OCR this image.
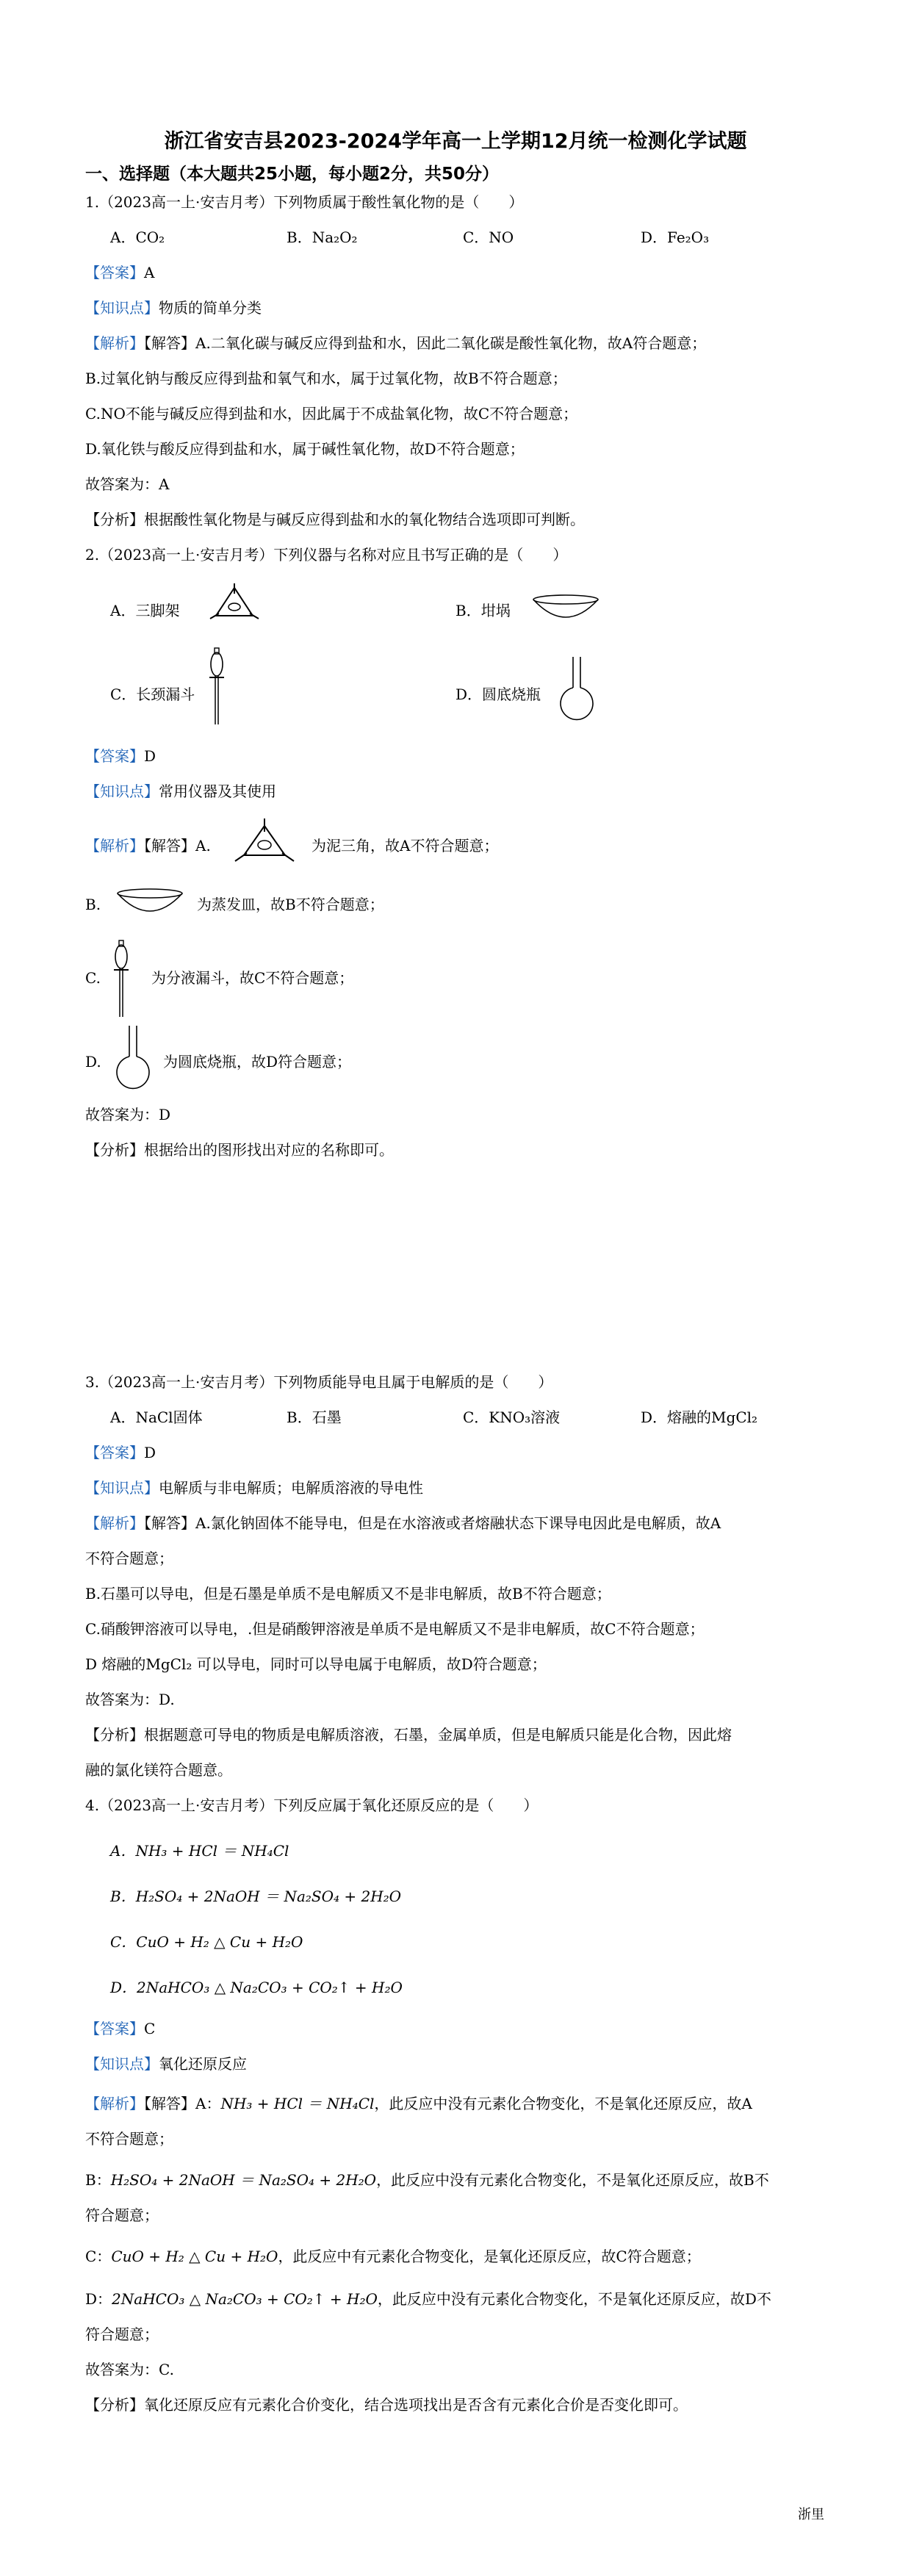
浙江省安吉县2023-2024学年高一上学期12月统一检测化学试题
一、选择题（本大题共25小题，每小题2分，共50分）
1.（2023高一上·安吉月考）下列物质属于酸性氧化物的是（　　）
A．CO₂	B．Na₂O₂	C．NO	D．Fe₂O₃
【答案】A
【知识点】物质的简单分类
【解析】【解答】A.二氧化碳与碱反应得到盐和水，因此二氧化碳是酸性氧化物，故A符合题意；
B.过氧化钠与酸反应得到盐和氧气和水，属于过氧化物，故B不符合题意；
C.NO不能与碱反应得到盐和水，因此属于不成盐氧化物，故C不符合题意；
D.氧化铁与酸反应得到盐和水，属于碱性氧化物，故D不符合题意；
故答案为：A
【分析】根据酸性氧化物是与碱反应得到盐和水的氧化物结合选项即可判断。
2.（2023高一上·安吉月考）下列仪器与名称对应且书写正确的是（　　）
A．三脚架	B．坩埚
C．长颈漏斗	D．圆底烧瓶
【答案】D
【知识点】常用仪器及其使用
【解析】【解答】A.	为泥三角，故A不符合题意；
B.	为蒸发皿，故B不符合题意；
C.	为分液漏斗，故C不符合题意；
D.	为圆底烧瓶，故D符合题意；
故答案为：D
【分析】根据给出的图形找出对应的名称即可。
3.（2023高一上·安吉月考）下列物质能导电且属于电解质的是（　　）
A．NaCl固体	B．石墨	C．KNO₃溶液	D．熔融的MgCl₂
【答案】D
【知识点】电解质与非电解质；电解质溶液的导电性
【解析】【解答】A.氯化钠固体不能导电，但是在水溶液或者熔融状态下课导电因此是电解质，故A
不符合题意；
B.石墨可以导电，但是石墨是单质不是电解质又不是非电解质，故B不符合题意；
C.硝酸钾溶液可以导电，.但是硝酸钾溶液是单质不是电解质又不是非电解质，故C不符合题意；
D 熔融的MgCl₂ 可以导电，同时可以导电属于电解质，故D符合题意；
故答案为：D.
【分析】根据题意可导电的物质是电解质溶液，石墨，金属单质，但是电解质只能是化合物，因此熔
融的氯化镁符合题意。
4.（2023高一上·安吉月考）下列反应属于氧化还原反应的是（　　）
A．NH₃ + HCl ＝ NH₄Cl
B．H₂SO₄ + 2NaOH ＝ Na₂SO₄ + 2H₂O
C．CuO + H₂ △ Cu + H₂O
D．2NaHCO₃ △ Na₂CO₃ + CO₂↑ + H₂O
【答案】C
【知识点】氧化还原反应
【解析】【解答】A：NH₃ + HCl ＝ NH₄Cl，此反应中没有元素化合物变化，不是氧化还原反应，故A
不符合题意；
B：H₂SO₄ + 2NaOH ＝ Na₂SO₄ + 2H₂O，此反应中没有元素化合物变化，不是氧化还原反应，故B不
符合题意；
C：CuO + H₂ △ Cu + H₂O，此反应中有元素化合物变化，是氧化还原反应，故C符合题意；
D：2NaHCO₃ △ Na₂CO₃ + CO₂↑ + H₂O，此反应中没有元素化合物变化，不是氧化还原反应，故D不
符合题意；
故答案为：C.
【分析】氧化还原反应有元素化合价变化，结合选项找出是否含有元素化合价是否变化即可。
浙里
